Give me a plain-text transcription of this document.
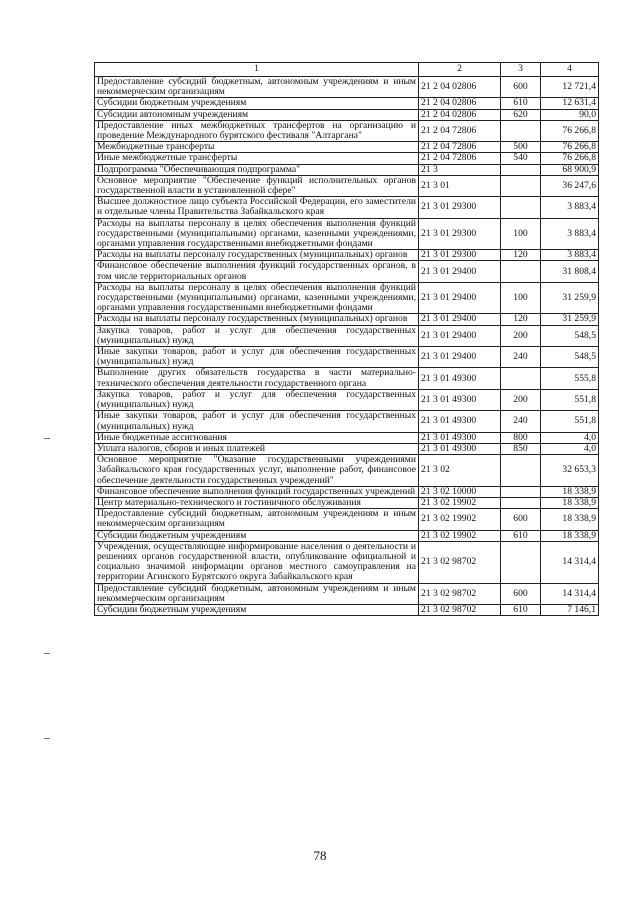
1	2	3	4
Предоставление субсидий бюджетным, автономным учреждениям и иным некоммерческим организациям	21 2 04 02806	600	12 721,4
Субсидии бюджетным учреждениям	21 2 04 02806	610	12 631,4
Субсидии автономным учреждениям	21 2 04 02806	620	90,0
Предоставление иных межбюджетных трансфертов на организацию и проведение Международного бурятского фестиваля "Алтаргана"	21 2 04 72806		76 266,8
Межбюджетные трансферты	21 2 04 72806	500	76 266,8
Иные межбюджетные трансферты	21 2 04 72806	540	76 266,8
Подпрограмма "Обеспечивающая подпрограмма"	21 3		68 900,9
Основное мероприятие "Обеспечение функций исполнительных органов государственной власти в установленной сфере"	21 3 01		36 247,6
Высшее должностное лицо субъекта Российской Федерации, его заместители и отдельные члены Правительства Забайкальского края	21 3 01 29300		3 883,4
Расходы на выплаты персоналу в целях обеспечения выполнения функций государственными (муниципальными) органами, казенными учреждениями, органами управления государственными внебюджетными фондами	21 3 01 29300	100	3 883,4
Расходы на выплаты персоналу государственных (муниципальных) органов	21 3 01 29300	120	3 883,4
Финансовое обеспечение выполнения функций государственных органов, в том числе территориальных органов	21 3 01 29400		31 808,4
Расходы на выплаты персоналу в целях обеспечения выполнения функций государственными (муниципальными) органами, казенными учреждениями, органами управления государственными внебюджетными фондами	21 3 01 29400	100	31 259,9
Расходы на выплаты персоналу государственных (муниципальных) органов	21 3 01 29400	120	31 259,9
Закупка товаров, работ и услуг для обеспечения государственных (муниципальных) нужд	21 3 01 29400	200	548,5
Иные закупки товаров, работ и услуг для обеспечения государственных (муниципальных) нужд	21 3 01 29400	240	548,5
Выполнение других обязательств государства в части материально-технического обеспечения деятельности государственного органа	21 3 01 49300		555,8
Закупка товаров, работ и услуг для обеспечения государственных (муниципальных) нужд	21 3 01 49300	200	551,8
Иные закупки товаров, работ и услуг для обеспечения государственных (муниципальных) нужд	21 3 01 49300	240	551,8
Иные бюджетные ассигнования	21 3 01 49300	800	4,0
Уплата налогов, сборов и иных платежей	21 3 01 49300	850	4,0
Основное мероприятие "Оказание государственными учреждениями Забайкальского края государственных услуг, выполнение работ, финансовое обеспечение деятельности государственных учреждений"	21 3 02		32 653,3
Финансовое обеспечение выполнения функций государственных учреждений	21 3 02 10000		18 338,9
Центр материально-технического и гостиничного обслуживания	21 3 02 19902		18 338,9
Предоставление субсидий бюджетным, автономным учреждениям и иным некоммерческим организациям	21 3 02 19902	600	18 338,9
Субсидии бюджетным учреждениям	21 3 02 19902	610	18 338,9
Учреждения, осуществляющие информирование населения о деятельности и решениях органов государственной власти, опубликование официальной и социально значимой информации органов местного самоуправления на территории Агинского Бурятского округа Забайкальского края	21 3 02 98702		14 314,4
Предоставление субсидий бюджетным, автономным учреждениям и иным некоммерческим организациям	21 3 02 98702	600	14 314,4
Субсидии бюджетным учреждениям	21 3 02 98702	610	7 146,1
78
